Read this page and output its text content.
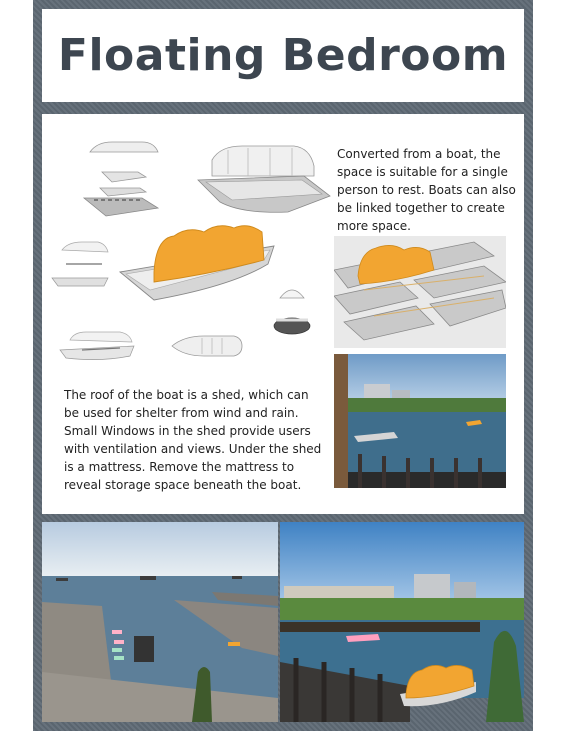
Floating Bedroom

Converted from a boat, the space is suitable for a single person to rest. Boats can also be linked together to create more space.

The roof of the boat is a shed, which can be used for shelter from wind and rain. Small Windows in the shed provide users with ventilation and views. Under the shed is a mattress. Remove the mattress to reveal storage space beneath the boat.
